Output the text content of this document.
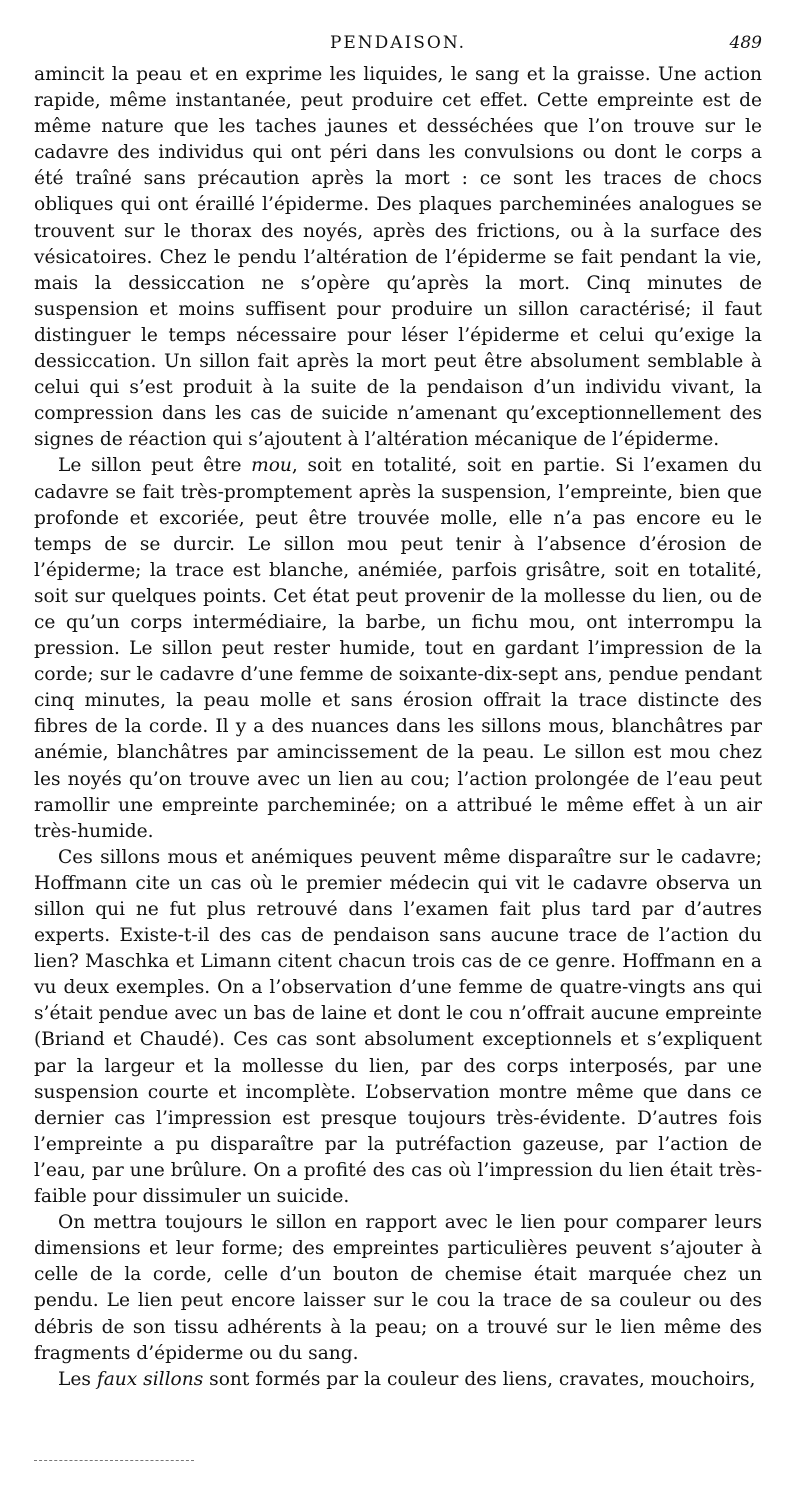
PENDAISON.	489

amincit la peau et en exprime les liquides, le sang et la graisse. Une action rapide, même instantanée, peut produire cet effet. Cette empreinte est de même nature que les taches jaunes et desséchées que l’on trouve sur le cadavre des individus qui ont péri dans les convulsions ou dont le corps a été traîné sans précaution après la mort : ce sont les traces de chocs obliques qui ont éraillé l’épiderme. Des plaques parcheminées analogues se trouvent sur le thorax des noyés, après des frictions, ou à la surface des vésicatoires. Chez le pendu l’altération de l’épiderme se fait pendant la vie, mais la dessiccation ne s’opère qu’après la mort. Cinq minutes de suspension et moins suffisent pour produire un sillon caractérisé; il faut distinguer le temps nécessaire pour léser l’épiderme et celui qu’exige la dessiccation. Un sillon fait après la mort peut être absolument semblable à celui qui s’est produit à la suite de la pendaison d’un individu vivant, la compression dans les cas de suicide n’amenant qu’exceptionnellement des signes de réaction qui s’ajoutent à l’altération mécanique de l’épiderme.

Le sillon peut être mou, soit en totalité, soit en partie. Si l’examen du cadavre se fait très-promptement après la suspension, l’empreinte, bien que profonde et excoriée, peut être trouvée molle, elle n’a pas encore eu le temps de se durcir. Le sillon mou peut tenir à l’absence d’érosion de l’épiderme; la trace est blanche, anémiée, parfois grisâtre, soit en totalité, soit sur quelques points. Cet état peut provenir de la mollesse du lien, ou de ce qu’un corps intermédiaire, la barbe, un fichu mou, ont interrompu la pression. Le sillon peut rester humide, tout en gardant l’impression de la corde; sur le cadavre d’une femme de soixante-dix-sept ans, pendue pendant cinq minutes, la peau molle et sans érosion offrait la trace distincte des fibres de la corde. Il y a des nuances dans les sillons mous, blanchâtres par anémie, blanchâtres par amincissement de la peau. Le sillon est mou chez les noyés qu’on trouve avec un lien au cou; l’action prolongée de l’eau peut ramollir une empreinte parcheminée; on a attribué le même effet à un air très-humide.

Ces sillons mous et anémiques peuvent même disparaître sur le cadavre; Hoffmann cite un cas où le premier médecin qui vit le cadavre observa un sillon qui ne fut plus retrouvé dans l’examen fait plus tard par d’autres experts. Existe-t-il des cas de pendaison sans aucune trace de l’action du lien? Maschka et Limann citent chacun trois cas de ce genre. Hoffmann en a vu deux exemples. On a l’observation d’une femme de quatre-vingts ans qui s’était pendue avec un bas de laine et dont le cou n’offrait aucune empreinte (Briand et Chaudé). Ces cas sont absolument exceptionnels et s’expliquent par la largeur et la mollesse du lien, par des corps interposés, par une suspension courte et incomplète. L’observation montre même que dans ce dernier cas l’impression est presque toujours très-évidente. D’autres fois l’empreinte a pu disparaître par la putréfaction gazeuse, par l’action de l’eau, par une brûlure. On a profité des cas où l’impression du lien était très-faible pour dissimuler un suicide.

On mettra toujours le sillon en rapport avec le lien pour comparer leurs dimensions et leur forme; des empreintes particulières peuvent s’ajouter à celle de la corde, celle d’un bouton de chemise était marquée chez un pendu. Le lien peut encore laisser sur le cou la trace de sa couleur ou des débris de son tissu adhérents à la peau; on a trouvé sur le lien même des fragments d’épiderme ou du sang.

Les faux sillons sont formés par la couleur des liens, cravates, mouchoirs,
